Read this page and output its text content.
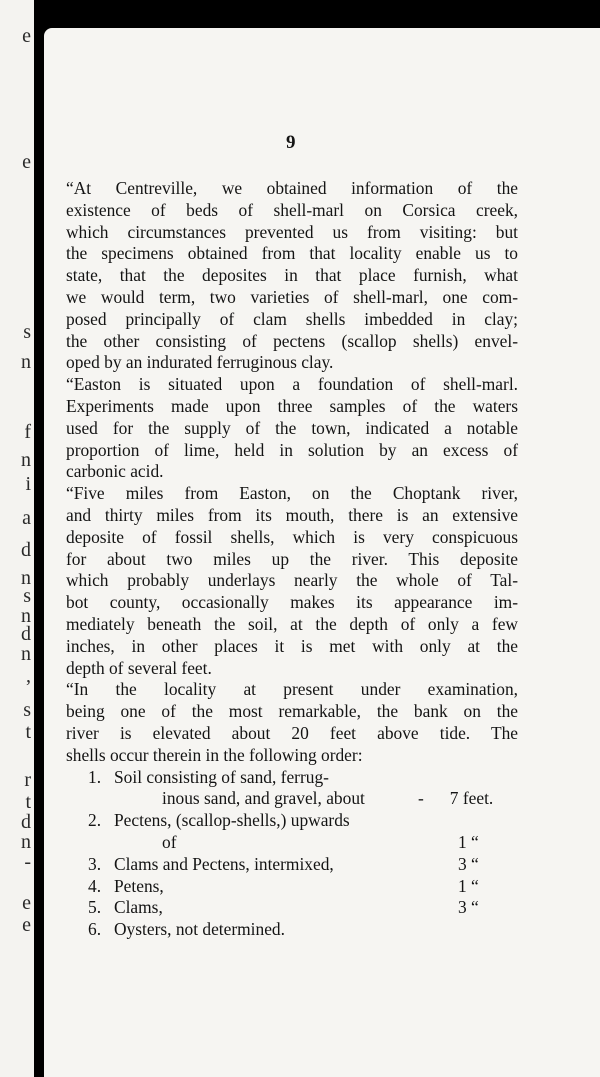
e
e
s
n
f
n
i
a
d
n
s
n
d
n
,
s
t
r
t
d
n
-
e
e
9
“At Centreville, we obtained information of the
existence of beds of shell-marl on Corsica creek,
which circumstances prevented us from visiting: but
the specimens obtained from that locality enable us to
state, that the deposites in that place furnish, what
we would term, two varieties of shell-marl, one com-
posed principally of clam shells imbedded in clay;
the other consisting of pectens (scallop shells) envel-
oped by an indurated ferruginous clay.
“Easton is situated upon a foundation of shell-marl.
Experiments made upon three samples of the waters
used for the supply of the town, indicated a notable
proportion of lime, held in solution by an excess of
carbonic acid.
“Five miles from Easton, on the Choptank river,
and thirty miles from its mouth, there is an extensive
deposite of fossil shells, which is very conspicuous
for about two miles up the river. This deposite
which probably underlays nearly the whole of Tal-
bot county, occasionally makes its appearance im-
mediately beneath the soil, at the depth of only a few
inches, in other places it is met with only at the
depth of several feet.
“In the locality at present under examination,
being one of the most remarkable, the bank on the
river is elevated about 20 feet above tide. The
shells occur therein in the following order:
1. Soil consisting of sand, ferrug-
inous sand, and gravel, about	- 7 feet.
2. Pectens, (scallop-shells,) upwards
of	1 “
3. Clams and Pectens, intermixed,	3 “
4. Petens,	1 “
5. Clams,	3 “
6. Oysters, not determined.
